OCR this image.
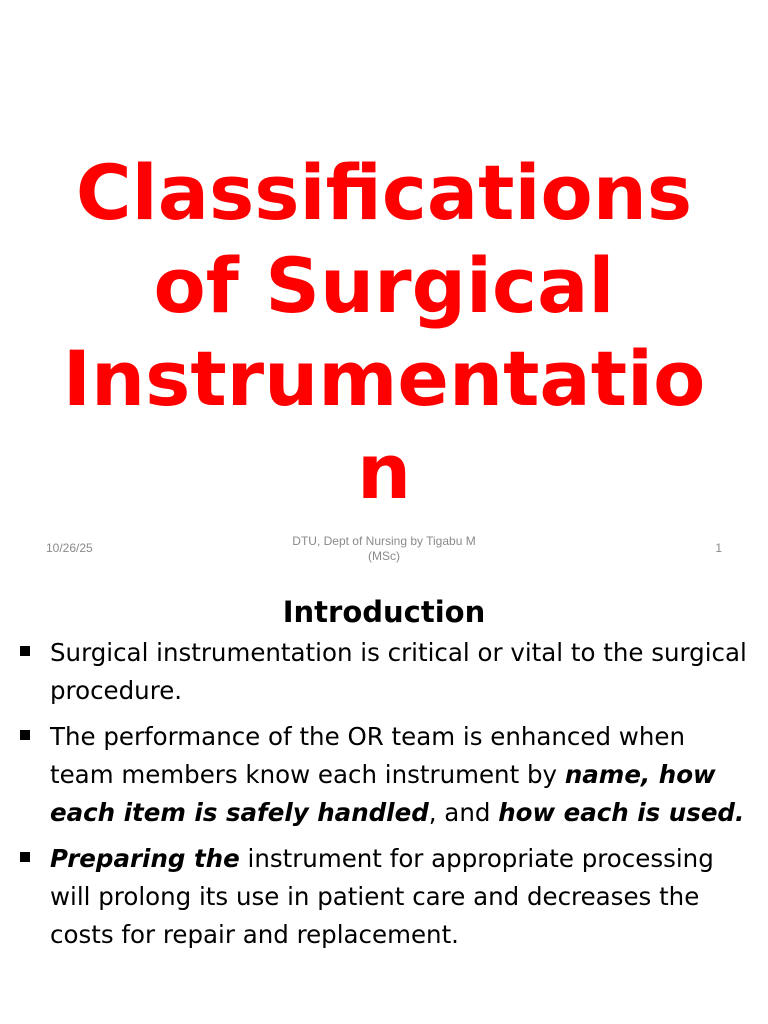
Classifications
of Surgical
Instrumentatio
n
10/26/25	DTU, Dept of Nursing by Tigabu M
(MSc)
1
Introduction
Surgical instrumentation is critical or vital to the surgical procedure.
The performance of the OR team is enhanced when team members know each instrument by name, how each item is safely handled, and how each is used.
Preparing the instrument for appropriate processing will prolong its use in patient care and decreases the costs for repair and replacement.
